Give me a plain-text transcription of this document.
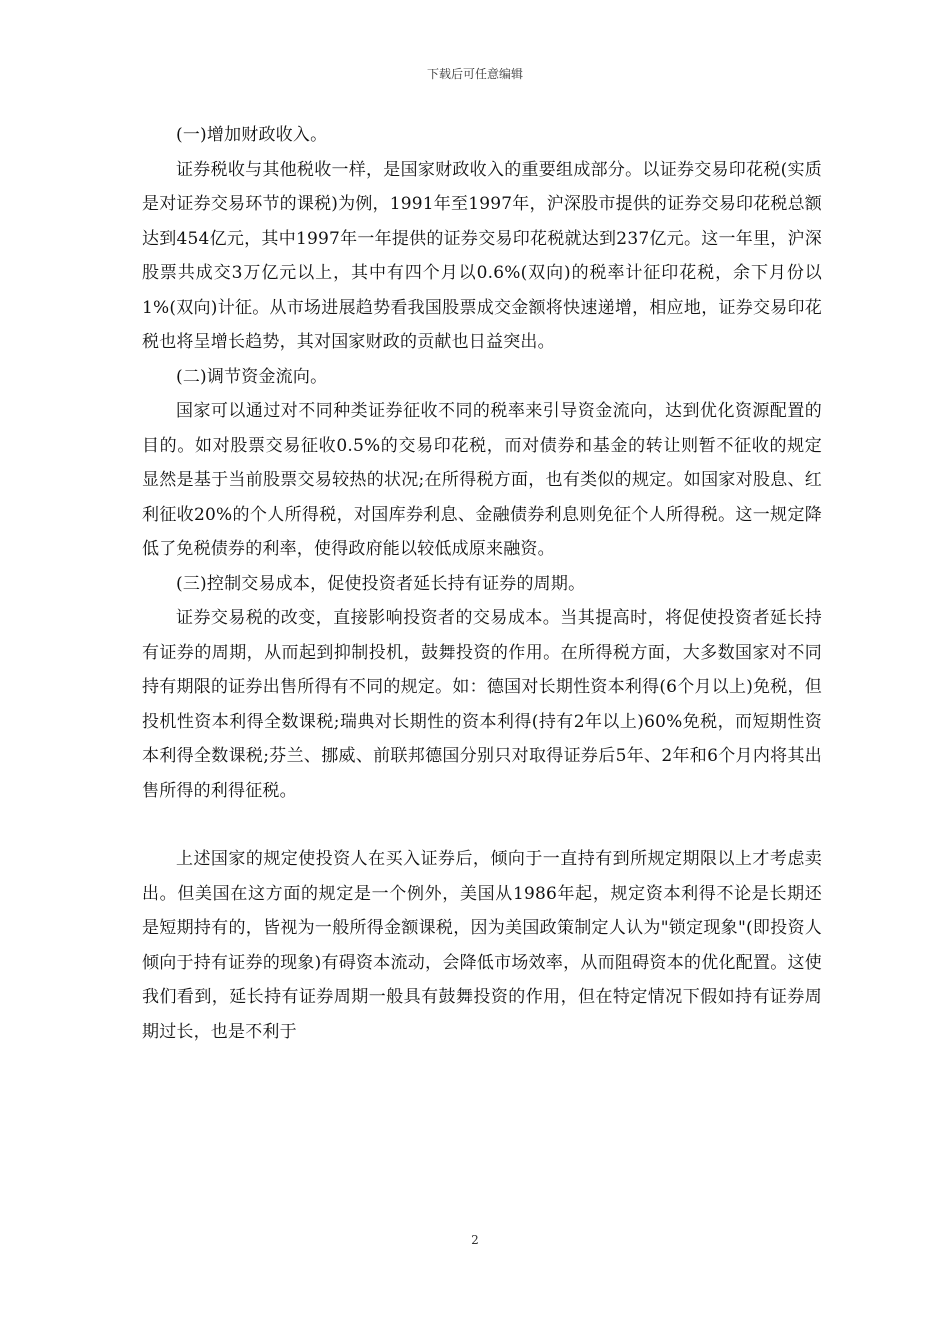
下载后可任意编辑

(一)增加财政收入。

证券税收与其他税收一样，是国家财政收入的重要组成部分。以证券交易印花税(实质是对证券交易环节的课税)为例，1991年至1997年，沪深股市提供的证券交易印花税总额达到454亿元，其中1997年一年提供的证券交易印花税就达到237亿元。这一年里，沪深股票共成交3万亿元以上，其中有四个月以0.6%(双向)的税率计征印花税，余下月份以1%(双向)计征。从市场进展趋势看我国股票成交金额将快速递增，相应地，证券交易印花税也将呈增长趋势，其对国家财政的贡献也日益突出。

(二)调节资金流向。

国家可以通过对不同种类证券征收不同的税率来引导资金流向，达到优化资源配置的目的。如对股票交易征收0.5%的交易印花税，而对债券和基金的转让则暂不征收的规定显然是基于当前股票交易较热的状况;在所得税方面，也有类似的规定。如国家对股息、红利征收20%的个人所得税，对国库券利息、金融债券利息则免征个人所得税。这一规定降低了免税债券的利率，使得政府能以较低成原来融资。

(三)控制交易成本，促使投资者延长持有证券的周期。

证券交易税的改变，直接影响投资者的交易成本。当其提高时，将促使投资者延长持有证券的周期，从而起到抑制投机，鼓舞投资的作用。在所得税方面，大多数国家对不同持有期限的证券出售所得有不同的规定。如：德国对长期性资本利得(6个月以上)免税，但投机性资本利得全数课税;瑞典对长期性的资本利得(持有2年以上)60%免税，而短期性资本利得全数课税;芬兰、挪威、前联邦德国分别只对取得证券后5年、2年和6个月内将其出售所得的利得征税。

上述国家的规定使投资人在买入证券后，倾向于一直持有到所规定期限以上才考虑卖出。但美国在这方面的规定是一个例外，美国从1986年起，规定资本利得不论是长期还是短期持有的，皆视为一般所得金额课税，因为美国政策制定人认为"锁定现象"(即投资人倾向于持有证券的现象)有碍资本流动，会降低市场效率，从而阻碍资本的优化配置。这使我们看到，延长持有证券周期一般具有鼓舞投资的作用，但在特定情况下假如持有证券周期过长，也是不利于

2
